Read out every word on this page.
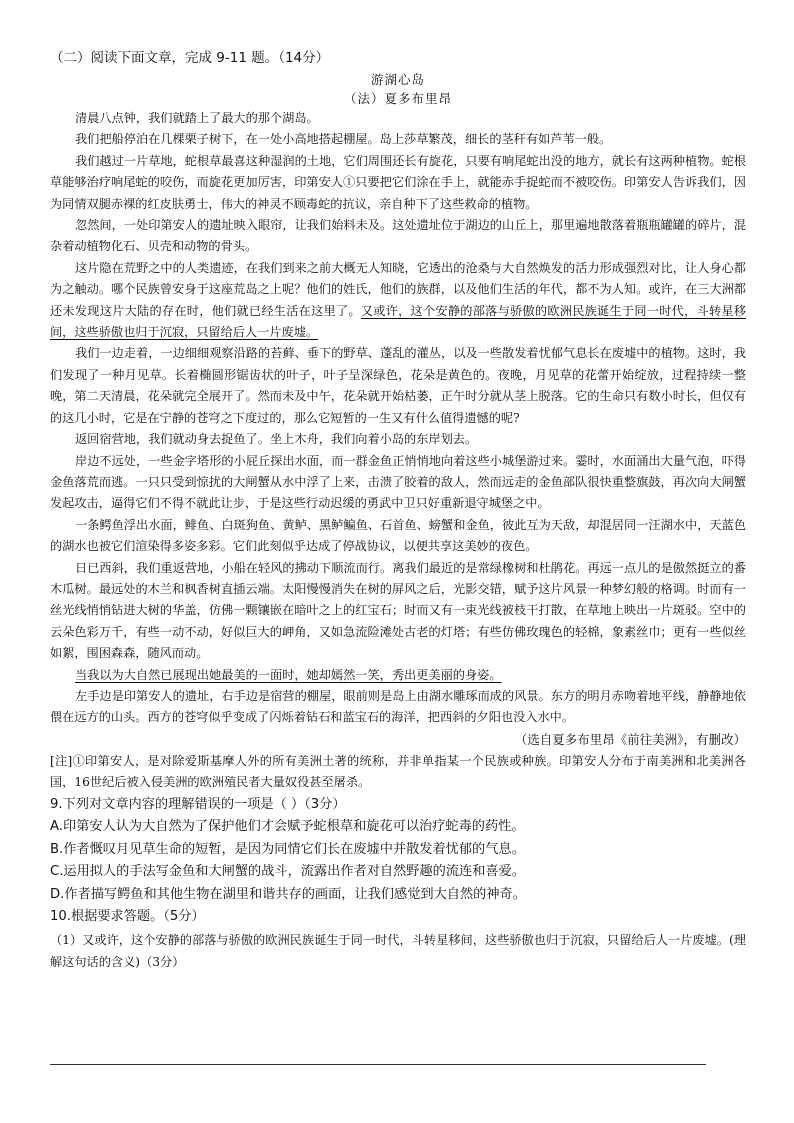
（二）阅读下面文章，完成 9-11 题。（14分）

游湖心岛

（法）夏多布里昂

清晨八点钟，我们就踏上了最大的那个湖岛。

我们把船停泊在几棵栗子树下，在一处小高地搭起棚屋。岛上莎草繁茂，细长的茎秆有如芦苇一般。

我们越过一片草地，蛇根草最喜这种湿润的土地，它们周围还长有旋花，只要有响尾蛇出没的地方，就长有这两种植物。蛇根草能够治疗响尾蛇的咬伤，而旋花更加厉害，印第安人①只要把它们涂在手上，就能赤手捉蛇而不被咬伤。印第安人告诉我们，因为同情双腿赤裸的红皮肤勇士，伟大的神灵不顾毒蛇的抗议，亲自种下了这些救命的植物。

忽然间，一处印第安人的遗址映入眼帘，让我们始料未及。这处遗址位于湖边的山丘上，那里遍地散落着瓶瓶罐罐的碎片，混杂着动植物化石、贝壳和动物的骨头。

这片隐在荒野之中的人类遗迹，在我们到来之前大概无人知晓，它透出的沧桑与大自然焕发的活力形成强烈对比，让人身心都为之触动。哪个民族曾安身于这座荒岛之上呢？他们的姓氏，他们的族群，以及他们生活的年代，都不为人知。或许，在三大洲都还未发现这片大陆的存在时，他们就已经生活在这里了。又或许，这个安静的部落与骄傲的欧洲民族诞生于同一时代，斗转星移间，这些骄傲也归于沉寂，只留给后人一片废墟。

我们一边走着，一边细细观察沿路的苔藓、垂下的野草、蓬乱的灌丛，以及一些散发着忧郁气息长在废墟中的植物。这时，我们发现了一种月见草。长着椭圆形锯齿状的叶子，叶子呈深绿色，花朵是黄色的。夜晚，月见草的花蕾开始绽放，过程持续一整晚，第二天清晨，花朵就完全展开了。然而未及中午，花朵就开始枯萎，正午时分就从茎上脱落。它的生命只有数小时长，但仅有的这几小时，它是在宁静的苍穹之下度过的，那么它短暂的一生又有什么值得遗憾的呢?

返回宿营地，我们就动身去捉鱼了。坐上木舟，我们向着小岛的东岸划去。

岸边不远处，一些金字塔形的小屁丘探出水面，而一群金鱼正悄悄地向着这些小城堡游过来。霎时，水面涌出大量气泡，吓得金鱼落荒而逃。一只只受到惊扰的大闸蟹从水中浮了上来，击溃了胶着的敌人，然而远走的金鱼部队很快重整旗鼓，再次向大闸蟹发起攻击，逼得它们不得不就此让步，于是这些行动迟缓的勇武中卫只好重新退守城堡之中。

一条鳄鱼浮出水面，鲱鱼、白斑狗鱼、黄鲈、黑鲈鳊鱼、石首鱼、螃蟹和金鱼，彼此互为天敌，却混居同一汪湖水中，天蓝色的湖水也被它们渲染得多姿多彩。它们此刻似乎达成了停战协议，以便共享这美妙的夜色。

日已西斜，我们重返营地，小船在轻风的拂动下顺流而行。离我们最近的是常绿橡树和杜鹃花。再远一点儿的是傲然挺立的番木瓜树。最远处的木兰和枫香树直插云端。太阳慢慢消失在树的屏风之后，光影交错，赋予这片风景一种梦幻般的格调。时而有一丝光线悄悄钻进大树的华盖，仿佛一颗镶嵌在暗叶之上的红宝石；时而又有一束光线被枝干打散，在草地上映出一片斑驳。空中的云朵色彩万千，有些一动不动，好似巨大的岬角，又如急流险滩处古老的灯塔；有些仿佛玫瑰色的轻棉，象素丝巾；更有一些似丝如絮，围困森森，随风而动。

当我以为大自然已展现出她最美的一面时，她却嫣然一笑，秀出更美丽的身姿。

左手边是印第安人的遗址，右手边是宿营的棚屋，眼前则是岛上由湖水雕琢而成的风景。东方的明月赤吻着地平线，静静地依偎在远方的山头。西方的苍穹似乎变成了闪烁着钻石和蓝宝石的海洋，把西斜的夕阳也没入水中。

（选自夏多布里昂《前往美洲》，有删改）

[注]①印第安人，是对除爱斯基摩人外的所有美洲土著的统称，并非单指某一个民族或种族。印第安人分布于南美洲和北美洲各国，16世纪后被入侵美洲的欧洲殖民者大量奴役甚至屠杀。

9.下列对文章内容的理解错误的一项是（ ）（3分）

A.印第安人认为大自然为了保护他们才会赋予蛇根草和旋花可以治疗蛇毒的药性。

B.作者慨叹月见草生命的短暂，是因为同情它们长在废墟中并散发着忧郁的气息。

C.运用拟人的手法写金鱼和大闸蟹的战斗，流露出作者对自然野趣的流连和喜爱。

D.作者描写鳄鱼和其他生物在湖里和谐共存的画面，让我们感觉到大自然的神奇。

10.根据要求答题。（5分）

（1）又或许，这个安静的部落与骄傲的欧洲民族诞生于同一时代，斗转星移间，这些骄傲也归于沉寂，只留给后人一片废墟。(理解这句话的含义)（3分）
